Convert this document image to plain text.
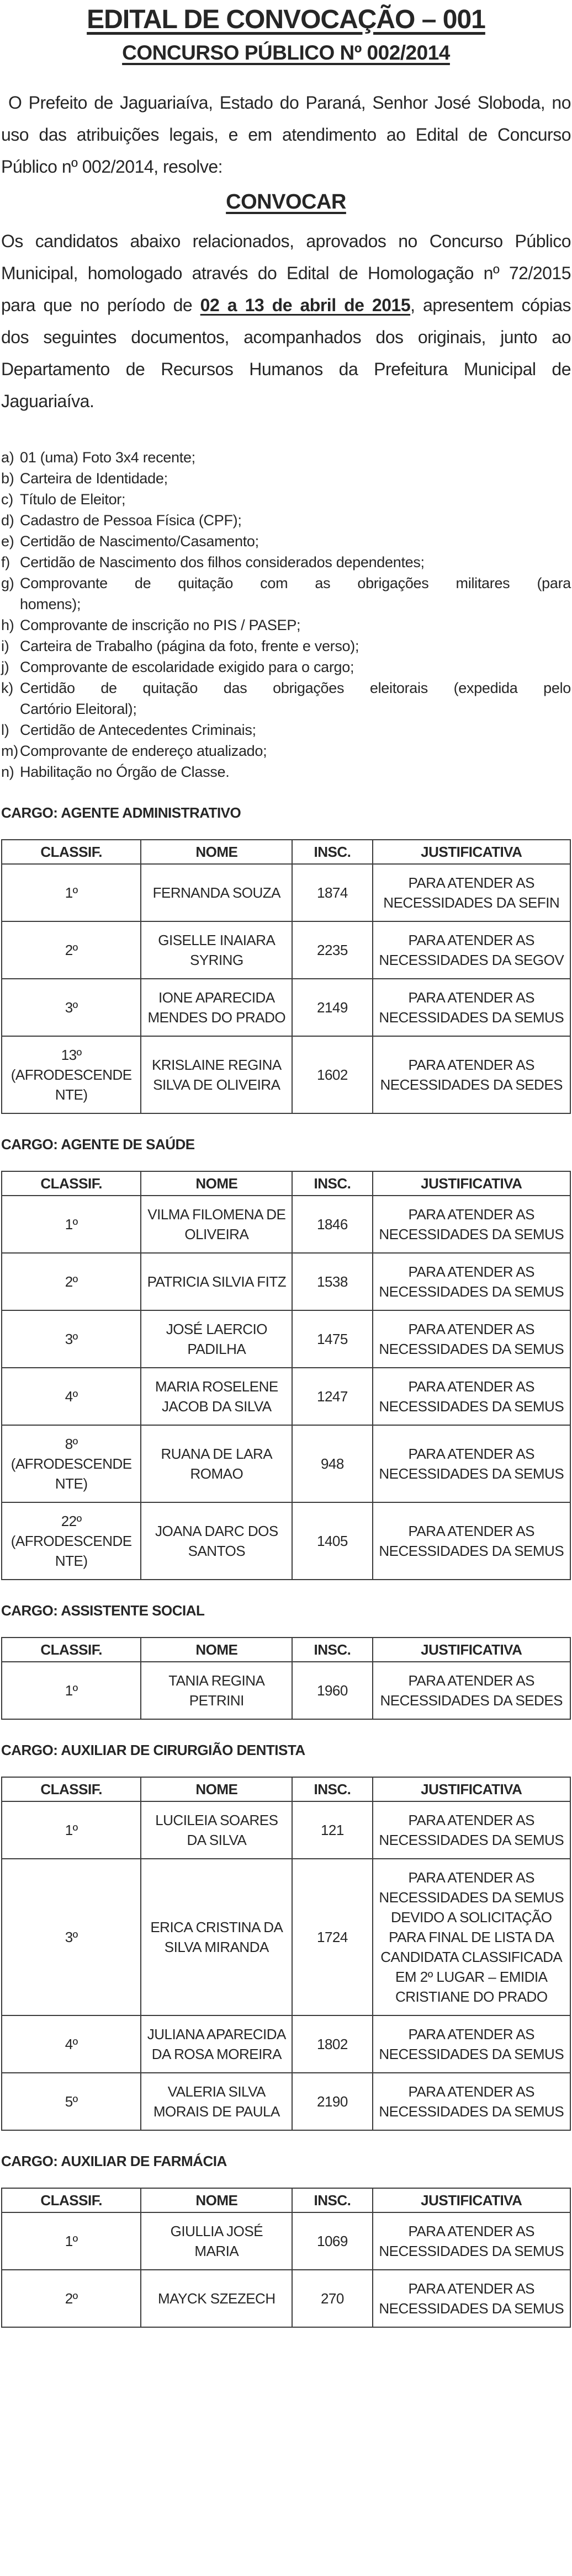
EDITAL DE CONVOCAÇÃO – 001
CONCURSO PÚBLICO Nº 002/2014
O Prefeito de Jaguariaíva, Estado do Paraná, Senhor José Sloboda, no
uso das atribuições legais, e em atendimento ao Edital de Concurso
Público nº 002/2014, resolve:
CONVOCAR
Os candidatos abaixo relacionados, aprovados no Concurso Público
Municipal, homologado através do Edital de Homologação nº 72/2015
para que no período de 02 a 13 de abril de 2015, apresentem cópias
dos seguintes documentos, acompanhados dos originais, junto ao
Departamento de Recursos Humanos da Prefeitura Municipal de
Jaguariaíva.
a) 01 (uma) Foto 3x4 recente;
b) Carteira de Identidade;
c) Título de Eleitor;
d) Cadastro de Pessoa Física (CPF);
e) Certidão de Nascimento/Casamento;
f) Certidão de Nascimento dos filhos considerados dependentes;
g) Comprovante de quitação com as obrigações militares (para
homens);
h) Comprovante de inscrição no PIS / PASEP;
i) Carteira de Trabalho (página da foto, frente e verso);
j) Comprovante de escolaridade exigido para o cargo;
k) Certidão de quitação das obrigações eleitorais (expedida pelo
Cartório Eleitoral);
l) Certidão de Antecedentes Criminais;
m) Comprovante de endereço atualizado;
n) Habilitação no Órgão de Classe.
CARGO: AGENTE ADMINISTRATIVO
CLASSIF.	NOME	INSC.	JUSTIFICATIVA
1º	FERNANDA SOUZA	1874	PARA ATENDER AS NECESSIDADES DA SEFIN
2º	GISELLE INAIARA SYRING	2235	PARA ATENDER AS NECESSIDADES DA SEGOV
3º	IONE APARECIDA MENDES DO PRADO	2149	PARA ATENDER AS NECESSIDADES DA SEMUS
13º (AFRODESCENDENTE)	KRISLAINE REGINA SILVA DE OLIVEIRA	1602	PARA ATENDER AS NECESSIDADES DA SEDES
CARGO: AGENTE DE SAÚDE
CLASSIF.	NOME	INSC.	JUSTIFICATIVA
1º	VILMA FILOMENA DE OLIVEIRA	1846	PARA ATENDER AS NECESSIDADES DA SEMUS
2º	PATRICIA SILVIA FITZ	1538	PARA ATENDER AS NECESSIDADES DA SEMUS
3º	JOSÉ LAERCIO PADILHA	1475	PARA ATENDER AS NECESSIDADES DA SEMUS
4º	MARIA ROSELENE JACOB DA SILVA	1247	PARA ATENDER AS NECESSIDADES DA SEMUS
8º (AFRODESCENDENTE)	RUANA DE LARA ROMAO	948	PARA ATENDER AS NECESSIDADES DA SEMUS
22º (AFRODESCENDENTE)	JOANA DARC DOS SANTOS	1405	PARA ATENDER AS NECESSIDADES DA SEMUS
CARGO: ASSISTENTE SOCIAL
CLASSIF.	NOME	INSC.	JUSTIFICATIVA
1º	TANIA REGINA PETRINI	1960	PARA ATENDER AS NECESSIDADES DA SEDES
CARGO: AUXILIAR DE CIRURGIÃO DENTISTA
CLASSIF.	NOME	INSC.	JUSTIFICATIVA
1º	LUCILEIA SOARES DA SILVA	121	PARA ATENDER AS NECESSIDADES DA SEMUS
3º	ERICA CRISTINA DA SILVA MIRANDA	1724	PARA ATENDER AS NECESSIDADES DA SEMUS DEVIDO A SOLICITAÇÃO PARA FINAL DE LISTA DA CANDIDATA CLASSIFICADA EM 2º LUGAR – EMIDIA CRISTIANE DO PRADO
4º	JULIANA APARECIDA DA ROSA MOREIRA	1802	PARA ATENDER AS NECESSIDADES DA SEMUS
5º	VALERIA SILVA MORAIS DE PAULA	2190	PARA ATENDER AS NECESSIDADES DA SEMUS
CARGO: AUXILIAR DE FARMÁCIA
CLASSIF.	NOME	INSC.	JUSTIFICATIVA
1º	GIULLIA JOSÉ MARIA	1069	PARA ATENDER AS NECESSIDADES DA SEMUS
2º	MAYCK SZEZECH	270	PARA ATENDER AS NECESSIDADES DA SEMUS
